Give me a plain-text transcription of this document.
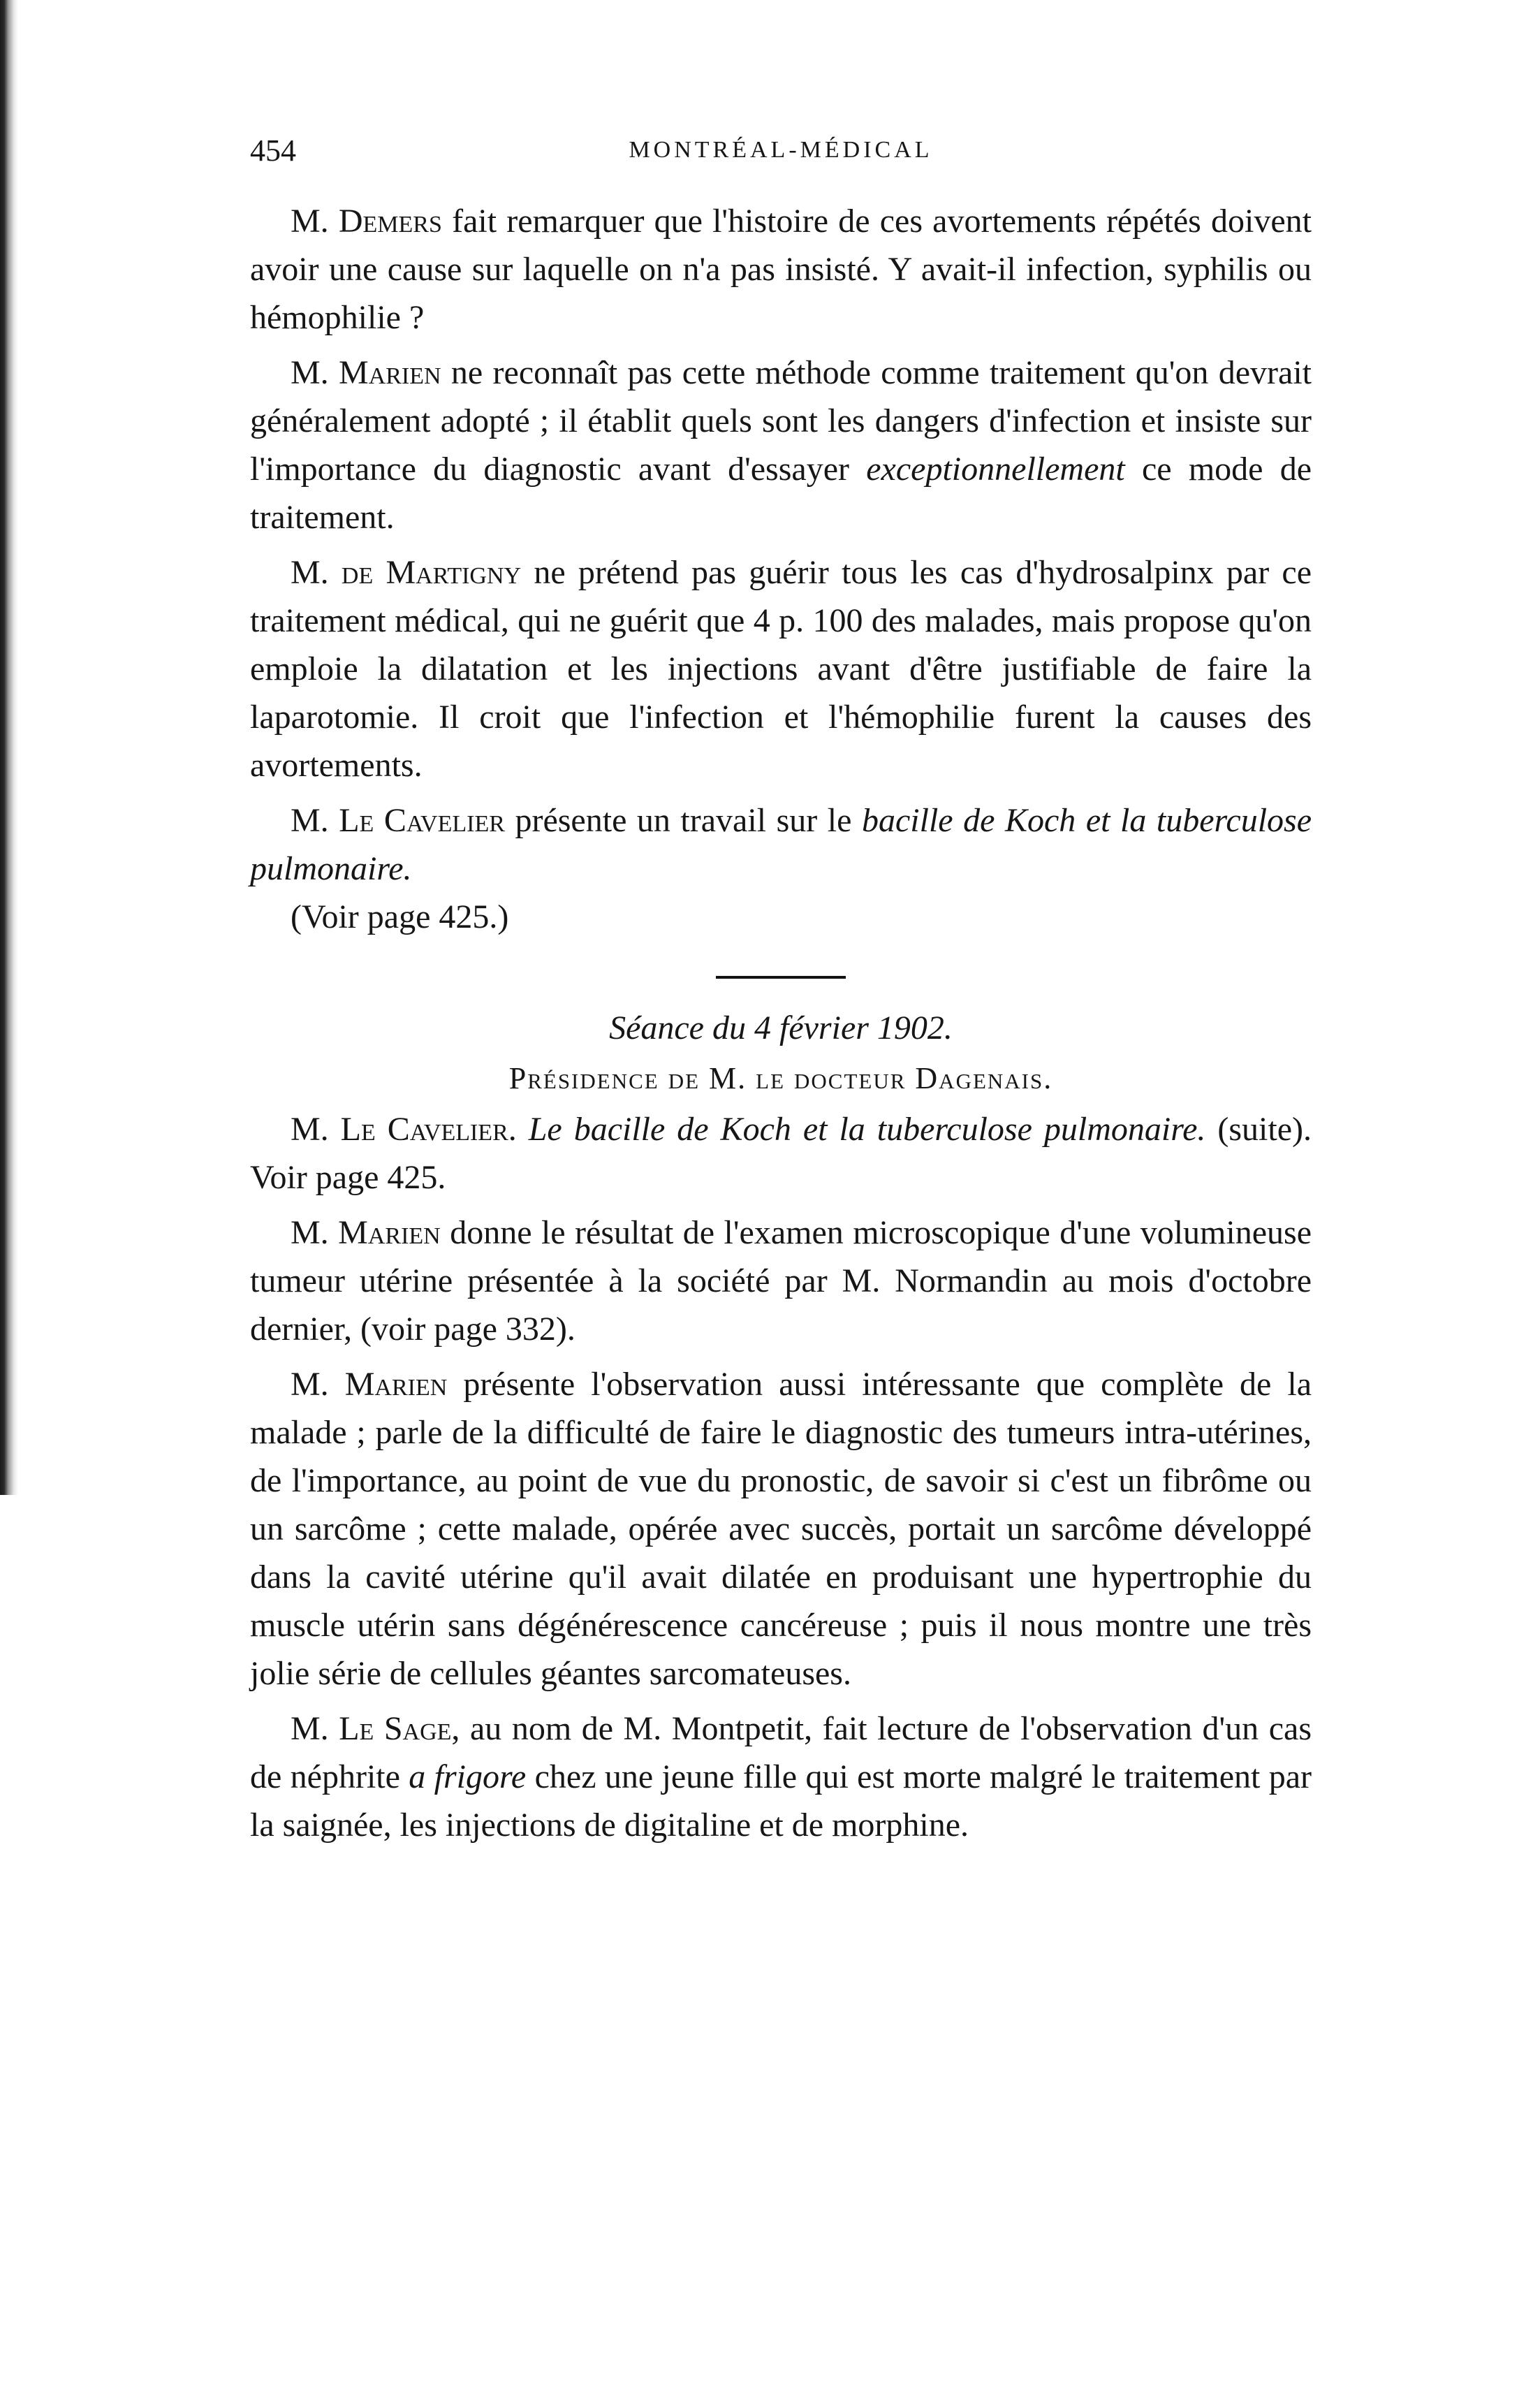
454	MONTRÉAL-MÉDICAL

M. Demers fait remarquer que l'histoire de ces avortements répétés doivent avoir une cause sur laquelle on n'a pas insisté. Y avait-il infection, syphilis ou hémophilie ?

M. Marien ne reconnaît pas cette méthode comme traitement qu'on devrait généralement adopté ; il établit quels sont les dangers d'infection et insiste sur l'importance du diagnostic avant d'essayer exceptionnellement ce mode de traitement.

M. de Martigny ne prétend pas guérir tous les cas d'hydrosalpinx par ce traitement médical, qui ne guérit que 4 p. 100 des malades, mais propose qu'on emploie la dilatation et les injections avant d'être justifiable de faire la laparotomie. Il croit que l'infection et l'hémophilie furent la causes des avortements.

M. Le Cavelier présente un travail sur le bacille de Koch et la tuberculose pulmonaire.

(Voir page 425.)

Séance du 4 février 1902.
Présidence de M. le docteur Dagenais.

M. Le Cavelier. Le bacille de Koch et la tuberculose pulmonaire. (suite). Voir page 425.

M. Marien donne le résultat de l'examen microscopique d'une volumineuse tumeur utérine présentée à la société par M. Normandin au mois d'octobre dernier, (voir page 332).

M. Marien présente l'observation aussi intéressante que complète de la malade ; parle de la difficulté de faire le diagnostic des tumeurs intra-utérines, de l'importance, au point de vue du pronostic, de savoir si c'est un fibrôme ou un sarcôme ; cette malade, opérée avec succès, portait un sarcôme développé dans la cavité utérine qu'il avait dilatée en produisant une hypertrophie du muscle utérin sans dégénérescence cancéreuse ; puis il nous montre une très jolie série de cellules géantes sarcomateuses.

M. Le Sage, au nom de M. Montpetit, fait lecture de l'observation d'un cas de néphrite a frigore chez une jeune fille qui est morte malgré le traitement par la saignée, les injections de digitaline et de morphine.
